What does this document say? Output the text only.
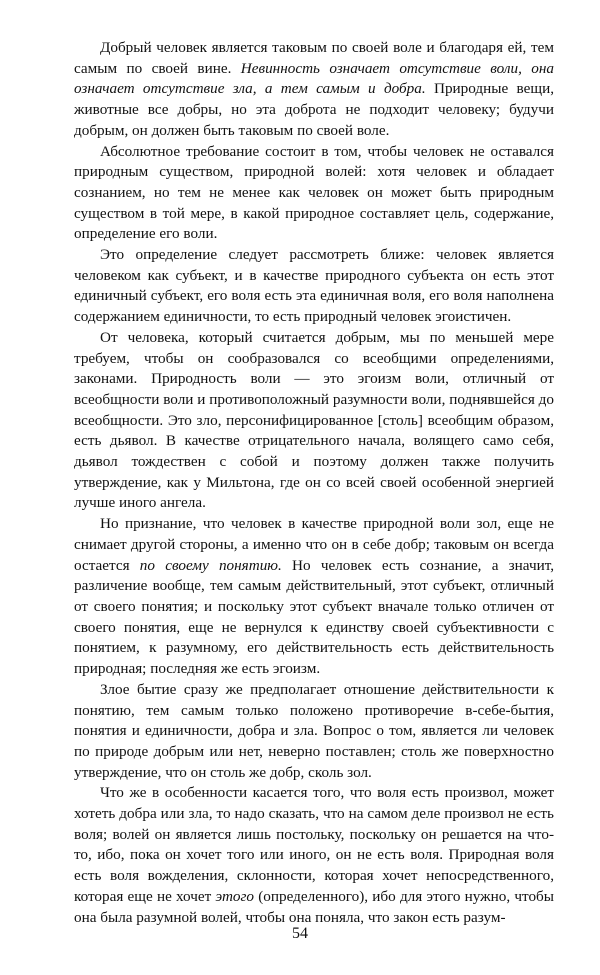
Добрый человек является таковым по своей воле и благодаря ей, тем самым по своей вине. Невинность означает отсутствие воли, она означает отсутствие зла, а тем самым и добра. Природные вещи, животные все добры, но эта доброта не подходит человеку; будучи добрым, он должен быть таковым по своей воле.

Абсолютное требование состоит в том, чтобы человек не оставался природным существом, природной волей: хотя человек и обладает сознанием, но тем не менее как человек он может быть природным существом в той мере, в какой природное составляет цель, содержание, определение его воли.

Это определение следует рассмотреть ближе: человек является человеком как субъект, и в качестве природного субъекта он есть этот единичный субъект, его воля есть эта единичная воля, его воля наполнена содержанием единичности, то есть природный человек эгоистичен.

От человека, который считается добрым, мы по меньшей мере требуем, чтобы он сообразовался со всеобщими определениями, законами. Природность воли — это эгоизм воли, отличный от всеобщности воли и противоположный разумности воли, поднявшейся до всеобщности. Это зло, персонифицированное [столь] всеобщим образом, есть дьявол. В качестве отрицательного начала, волящего само себя, дьявол тождествен с собой и поэтому должен также получить утверждение, как у Мильтона, где он со всей своей особенной энергией лучше иного ангела.

Но признание, что человек в качестве природной воли зол, еще не снимает другой стороны, а именно что он в себе добр; таковым он всегда остается по своему понятию. Но человек есть сознание, а значит, различение вообще, тем самым действительный, этот субъект, отличный от своего понятия; и поскольку этот субъект вначале только отличен от своего понятия, еще не вернулся к единству своей субъективности с понятием, к разумному, его действительность есть действительность природная; последняя же есть эгоизм.

Злое бытие сразу же предполагает отношение действительности к понятию, тем самым только положено противоречие в-себе-бытия, понятия и единичности, добра и зла. Вопрос о том, является ли человек по природе добрым или нет, неверно поставлен; столь же поверхностно утверждение, что он столь же добр, сколь зол.

Что же в особенности касается того, что воля есть произвол, может хотеть добра или зла, то надо сказать, что на самом деле произвол не есть воля; волей он является лишь постольку, поскольку он решается на что-то, ибо, пока он хочет того или иного, он не есть воля. Природная воля есть воля вожделения, склонности, которая хочет непосредственного, которая еще не хочет этого (определенного), ибо для этого нужно, чтобы она была разумной волей, чтобы она поняла, что закон есть разум-

54
